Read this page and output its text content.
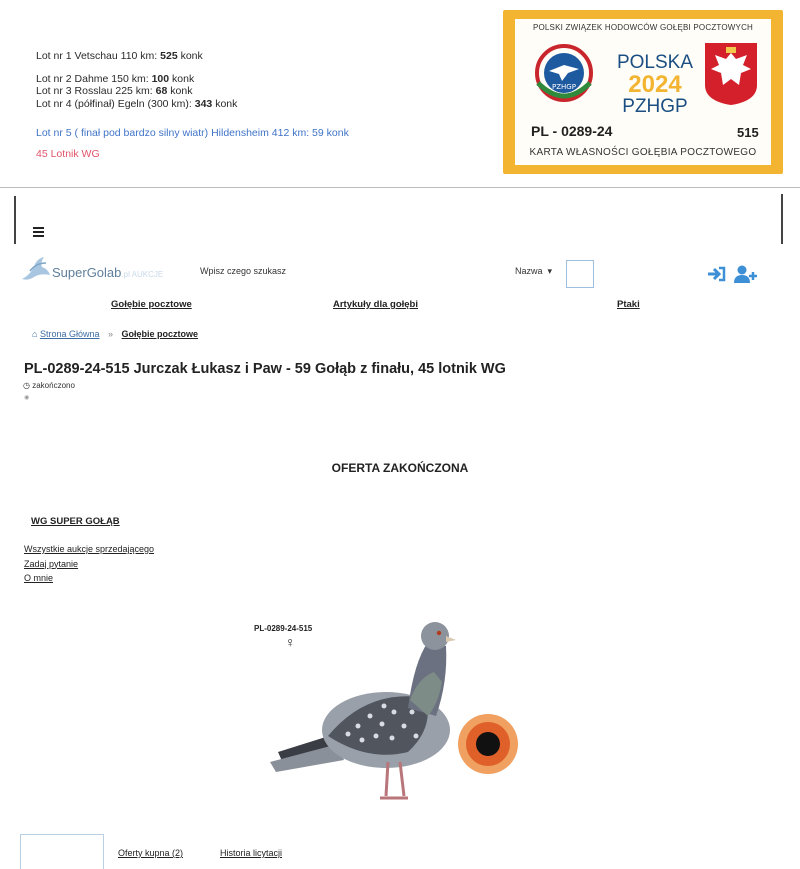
Lot nr 1 Vetschau 110 km: 525 konk
Lot nr 2 Dahme 150 km: 100 konk
Lot nr 3 Rosslau 225 km: 68 konk
Lot nr 4 (półfinał) Egeln (300 km): 343 konk
Lot nr 5 ( finał pod bardzo silny wiatr) Hildensheim 412 km: 59 konk
45 Lotnik WG
POLSKI ZWIĄZEK HODOWCÓW GOŁĘBI POCZTOWYCH
PZHGP
POLSKA
2024
PZHGP
PL - 0289-24	515
KARTA WŁASNOŚCI GOŁĘBIA POCZTOWEGO
SuperGolab.pl AUKCJE	Wpisz czego szukasz	Nazwa ▾
Gołębie pocztowe	Artykuły dla gołębi	Ptaki
⌂ Strona Główna » Gołębie pocztowe
PL-0289-24-515 Jurczak Łukasz i Paw - 59 Gołąb z finału, 45 lotnik WG
◷ zakończono
◉
OFERTA ZAKOŃCZONA
WG SUPER GOŁĄB
Wszystkie aukcje sprzedającego
Zadaj pytanie
O mnie
PL-0289-24-515
♀
Oferty kupna (2)	Historia licytacji
